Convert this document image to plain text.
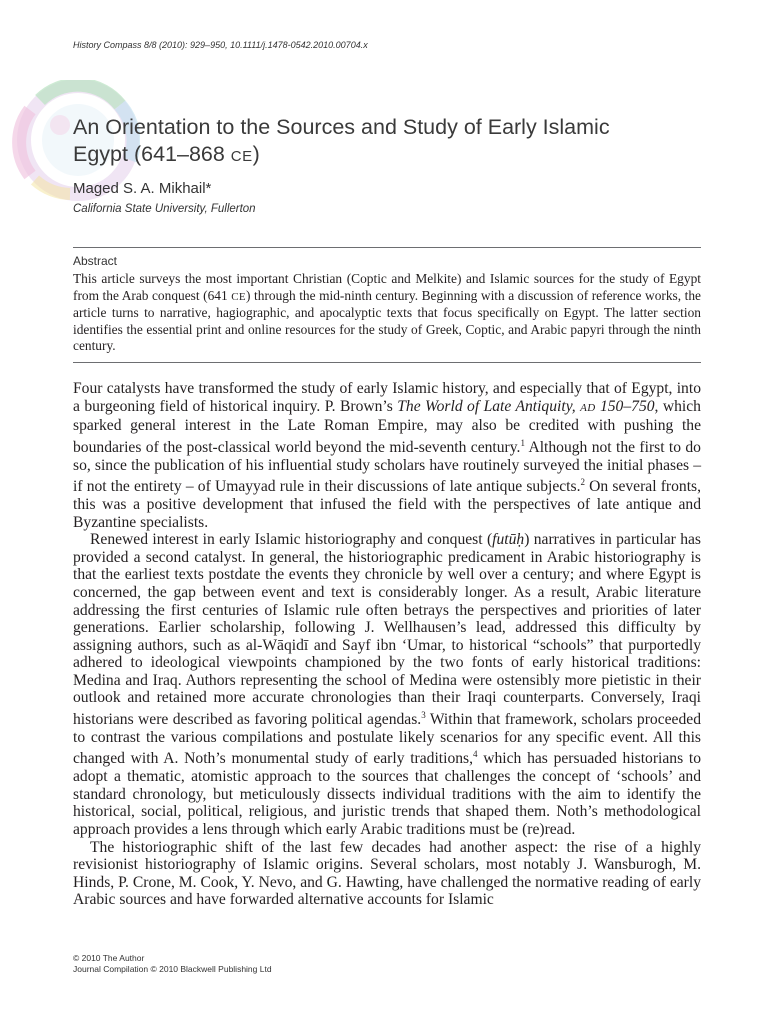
History Compass 8/8 (2010): 929–950, 10.1111/j.1478-0542.2010.00704.x
An Orientation to the Sources and Study of Early Islamic
Egypt (641–868 CE)
Maged S. A. Mikhail*
California State University, Fullerton
Abstract

This article surveys the most important Christian (Coptic and Melkite) and Islamic sources for the study of Egypt from the Arab conquest (641 CE) through the mid-ninth century. Beginning with a discussion of reference works, the article turns to narrative, hagiographic, and apocalyptic texts that focus specifically on Egypt. The latter section identifies the essential print and online resources for the study of Greek, Coptic, and Arabic papyri through the ninth century.

Four catalysts have transformed the study of early Islamic history, and especially that of Egypt, into a burgeoning field of historical inquiry. P. Brown’s The World of Late Antiquity, AD 150–750, which sparked general interest in the Late Roman Empire, may also be credited with pushing the boundaries of the post-classical world beyond the mid-seventh century.$^1$ Although not the first to do so, since the publication of his influential study scholars have routinely surveyed the initial phases – if not the entirety – of Umayyad rule in their discussions of late antique subjects.$^2$ On several fronts, this was a positive development that infused the field with the perspectives of late antique and Byzantine specialists.

Renewed interest in early Islamic historiography and conquest (futūḥ) narratives in particular has provided a second catalyst. In general, the historiographic predicament in Arabic historiography is that the earliest texts postdate the events they chronicle by well over a century; and where Egypt is concerned, the gap between event and text is considerably longer. As a result, Arabic literature addressing the first centuries of Islamic rule often betrays the perspectives and priorities of later generations. Earlier scholarship, following J. Wellhausen’s lead, addressed this difficulty by assigning authors, such as al-Wāqidī and Sayf ibn ‘Umar, to historical “schools” that purportedly adhered to ideological viewpoints championed by the two fonts of early historical traditions: Medina and Iraq. Authors representing the school of Medina were ostensibly more pietistic in their outlook and retained more accurate chronologies than their Iraqi counterparts. Conversely, Iraqi historians were described as favoring political agendas.$^3$ Within that framework, scholars proceeded to contrast the various compilations and postulate likely scenarios for any specific event. All this changed with A. Noth’s monumental study of early traditions,$^4$ which has persuaded historians to adopt a thematic, atomistic approach to the sources that challenges the concept of ‘schools’ and standard chronology, but meticulously dissects individual traditions with the aim to identify the historical, social, political, religious, and juristic trends that shaped them. Noth’s methodological approach provides a lens through which early Arabic traditions must be (re)read.

The historiographic shift of the last few decades had another aspect: the rise of a highly revisionist historiography of Islamic origins. Several scholars, most notably J. Wansburogh, M. Hinds, P. Crone, M. Cook, Y. Nevo, and G. Hawting, have challenged the normative reading of early Arabic sources and have forwarded alternative accounts for Islamic

© 2010 The Author
Journal Compilation © 2010 Blackwell Publishing Ltd
